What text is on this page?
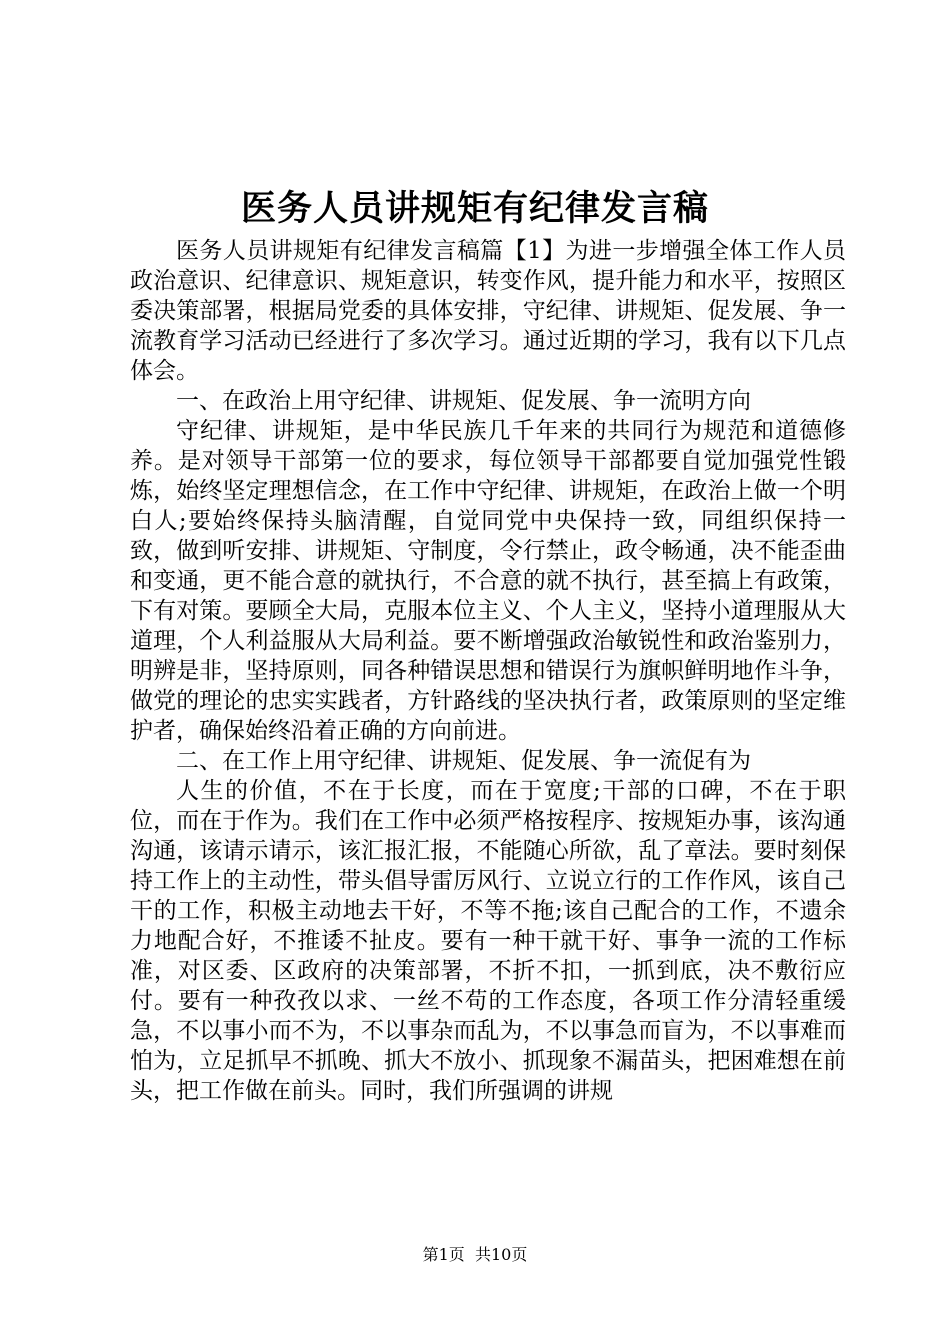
医务人员讲规矩有纪律发言稿

医务人员讲规矩有纪律发言稿篇【1】为进一步增强全体工作人员政治意识、纪律意识、规矩意识，转变作风，提升能力和水平，按照区委决策部署，根据局党委的具体安排，守纪律、讲规矩、促发展、争一流教育学习活动已经进行了多次学习。通过近期的学习，我有以下几点体会。

一、在政治上用守纪律、讲规矩、促发展、争一流明方向

守纪律、讲规矩，是中华民族几千年来的共同行为规范和道德修养。是对领导干部第一位的要求，每位领导干部都要自觉加强党性锻炼，始终坚定理想信念，在工作中守纪律、讲规矩，在政治上做一个明白人;要始终保持头脑清醒，自觉同党中央保持一致，同组织保持一致，做到听安排、讲规矩、守制度，令行禁止，政令畅通，决不能歪曲和变通，更不能合意的就执行，不合意的就不执行，甚至搞上有政策，下有对策。要顾全大局，克服本位主义、个人主义，坚持小道理服从大道理，个人利益服从大局利益。要不断增强政治敏锐性和政治鉴别力，明辨是非，坚持原则，同各种错误思想和错误行为旗帜鲜明地作斗争，做党的理论的忠实实践者，方针路线的坚决执行者，政策原则的坚定维护者，确保始终沿着正确的方向前进。

二、在工作上用守纪律、讲规矩、促发展、争一流促有为

人生的价值，不在于长度，而在于宽度;干部的口碑，不在于职位，而在于作为。我们在工作中必须严格按程序、按规矩办事，该沟通沟通，该请示请示，该汇报汇报，不能随心所欲，乱了章法。要时刻保持工作上的主动性，带头倡导雷厉风行、立说立行的工作作风，该自己干的工作，积极主动地去干好，不等不拖;该自己配合的工作，不遗余力地配合好，不推诿不扯皮。要有一种干就干好、事争一流的工作标准，对区委、区政府的决策部署，不折不扣，一抓到底，决不敷衍应付。要有一种孜孜以求、一丝不苟的工作态度，各项工作分清轻重缓急，不以事小而不为，不以事杂而乱为，不以事急而盲为，不以事难而怕为，立足抓早不抓晚、抓大不放小、抓现象不漏苗头，把困难想在前头，把工作做在前头。同时，我们所强调的讲规

第1页 共10页
